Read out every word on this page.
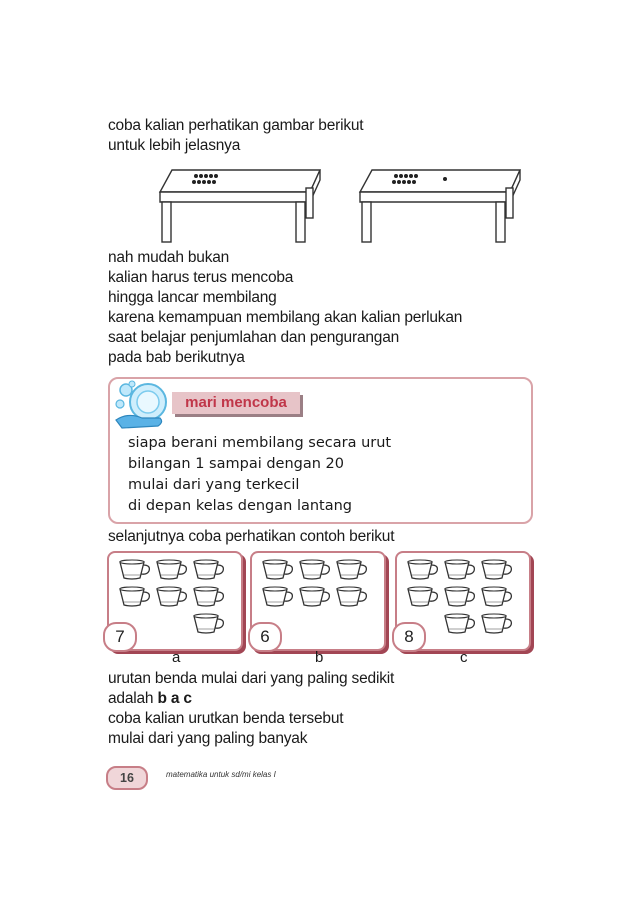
coba kalian perhatikan gambar berikut
untuk lebih jelasnya
nah mudah bukan
kalian harus terus mencoba
hingga lancar membilang
karena kemampuan membilang akan kalian perlukan
saat belajar penjumlahan dan pengurangan
pada bab berikutnya
mari mencoba
siapa berani membilang secara urut
bilangan 1 sampai dengan 20
mulai dari yang terkecil
di depan kelas dengan lantang
selanjutnya coba perhatikan contoh berikut
7	6	8
a	b	c
urutan benda mulai dari yang paling sedikit
adalah b a c
coba kalian urutkan benda tersebut
mulai dari yang paling banyak
16	matematika untuk sd/mi kelas I
